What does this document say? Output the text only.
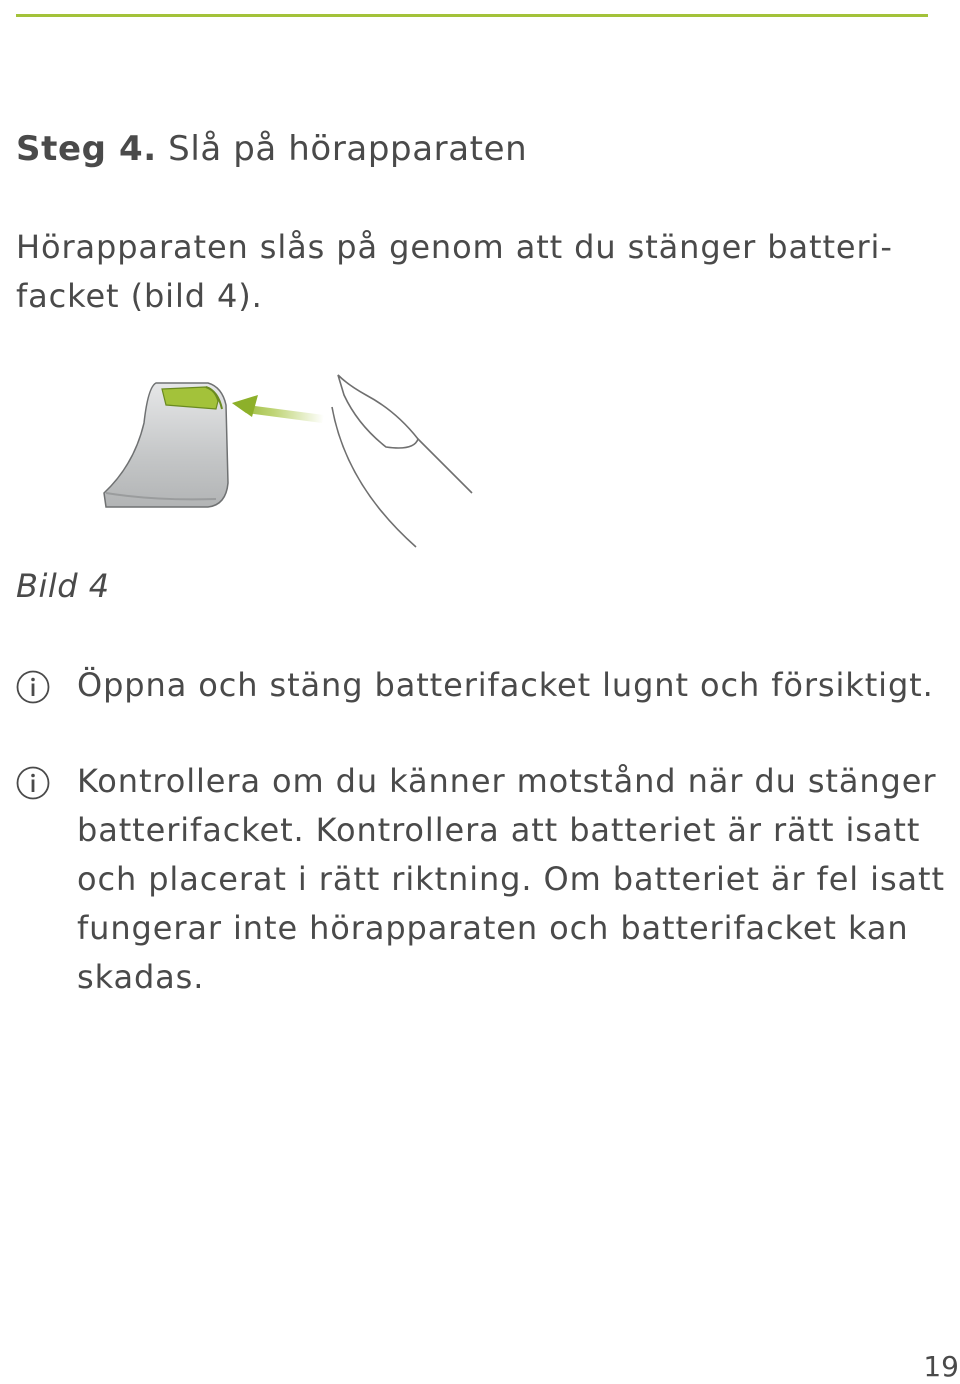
Steg 4. Slå på hörapparaten
Hörapparaten slås på genom att du stänger batteri-
facket (bild 4).
Bild 4
Öppna och stäng batterifacket lugnt och försiktigt.
Kontrollera om du känner motstånd när du stänger
batterifacket. Kontrollera att batteriet är rätt isatt
och placerat i rätt riktning. Om batteriet är fel isatt
fungerar inte hörapparaten och batterifacket kan
skadas.
19
